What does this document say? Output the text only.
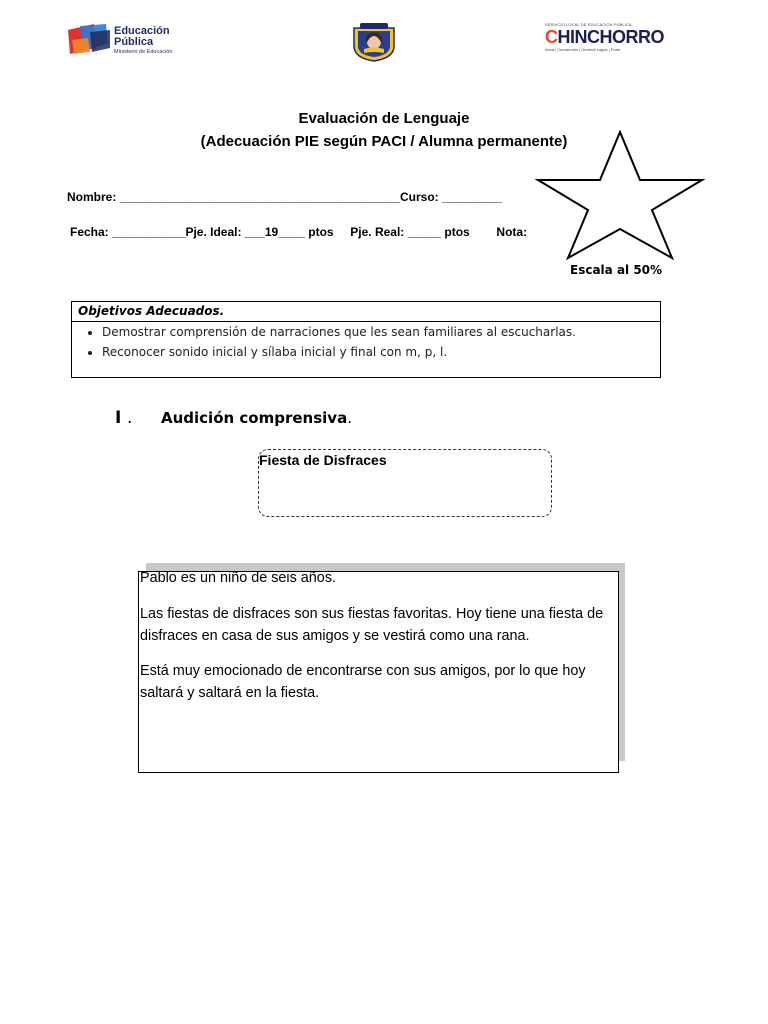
Educación
Pública
Ministerio de Educación
SERVICIO LOCAL DE EDUCACIÓN PÚBLICA
CHINCHORRO
Arica | Camarones | General Lagos | Putre
Evaluación de Lenguaje
(Adecuación PIE según PACI / Alumna permanente)
Nombre: __________________________________________Curso: _________
Fecha: ___________Pje. Ideal: ___19____ ptos Pje. Real: _____ ptos Nota:
Escala al 50%
Objetivos Adecuados.
• Demostrar comprensión de narraciones que les sean familiares al escucharlas.
• Reconocer sonido inicial y sílaba inicial y final con m, p, l.
I . Audición comprensiva.
Fiesta de Disfraces

Pablo es un niño de seis años.

Las fiestas de disfraces son sus fiestas favoritas. Hoy tiene una fiesta de disfraces en casa de sus amigos y se vestirá como una rana.

Está muy emocionado de encontrarse con sus amigos, por lo que hoy saltará y saltará en la fiesta.
